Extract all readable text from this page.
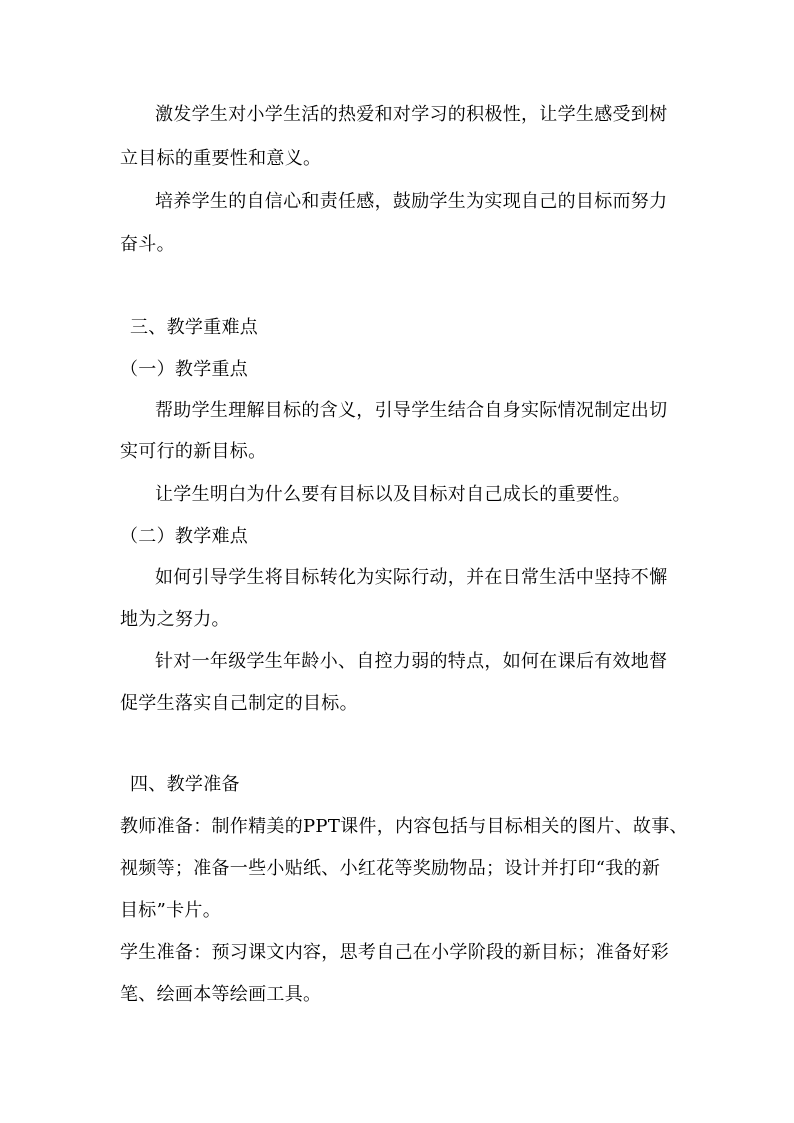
激发学生对小学生活的热爱和对学习的积极性，让学生感受到树
立目标的重要性和意义。
培养学生的自信心和责任感，鼓励学生为实现自己的目标而努力
奋斗。
三、教学重难点
（一）教学重点
帮助学生理解目标的含义，引导学生结合自身实际情况制定出切
实可行的新目标。
让学生明白为什么要有目标以及目标对自己成长的重要性。
（二）教学难点
如何引导学生将目标转化为实际行动，并在日常生活中坚持不懈
地为之努力。
针对一年级学生年龄小、自控力弱的特点，如何在课后有效地督
促学生落实自己制定的目标。
四、教学准备
教师准备：制作精美的PPT课件，内容包括与目标相关的图片、故事、
视频等；准备一些小贴纸、小红花等奖励物品；设计并打印“我的新
目标”卡片。
学生准备：预习课文内容，思考自己在小学阶段的新目标；准备好彩
笔、绘画本等绘画工具。
